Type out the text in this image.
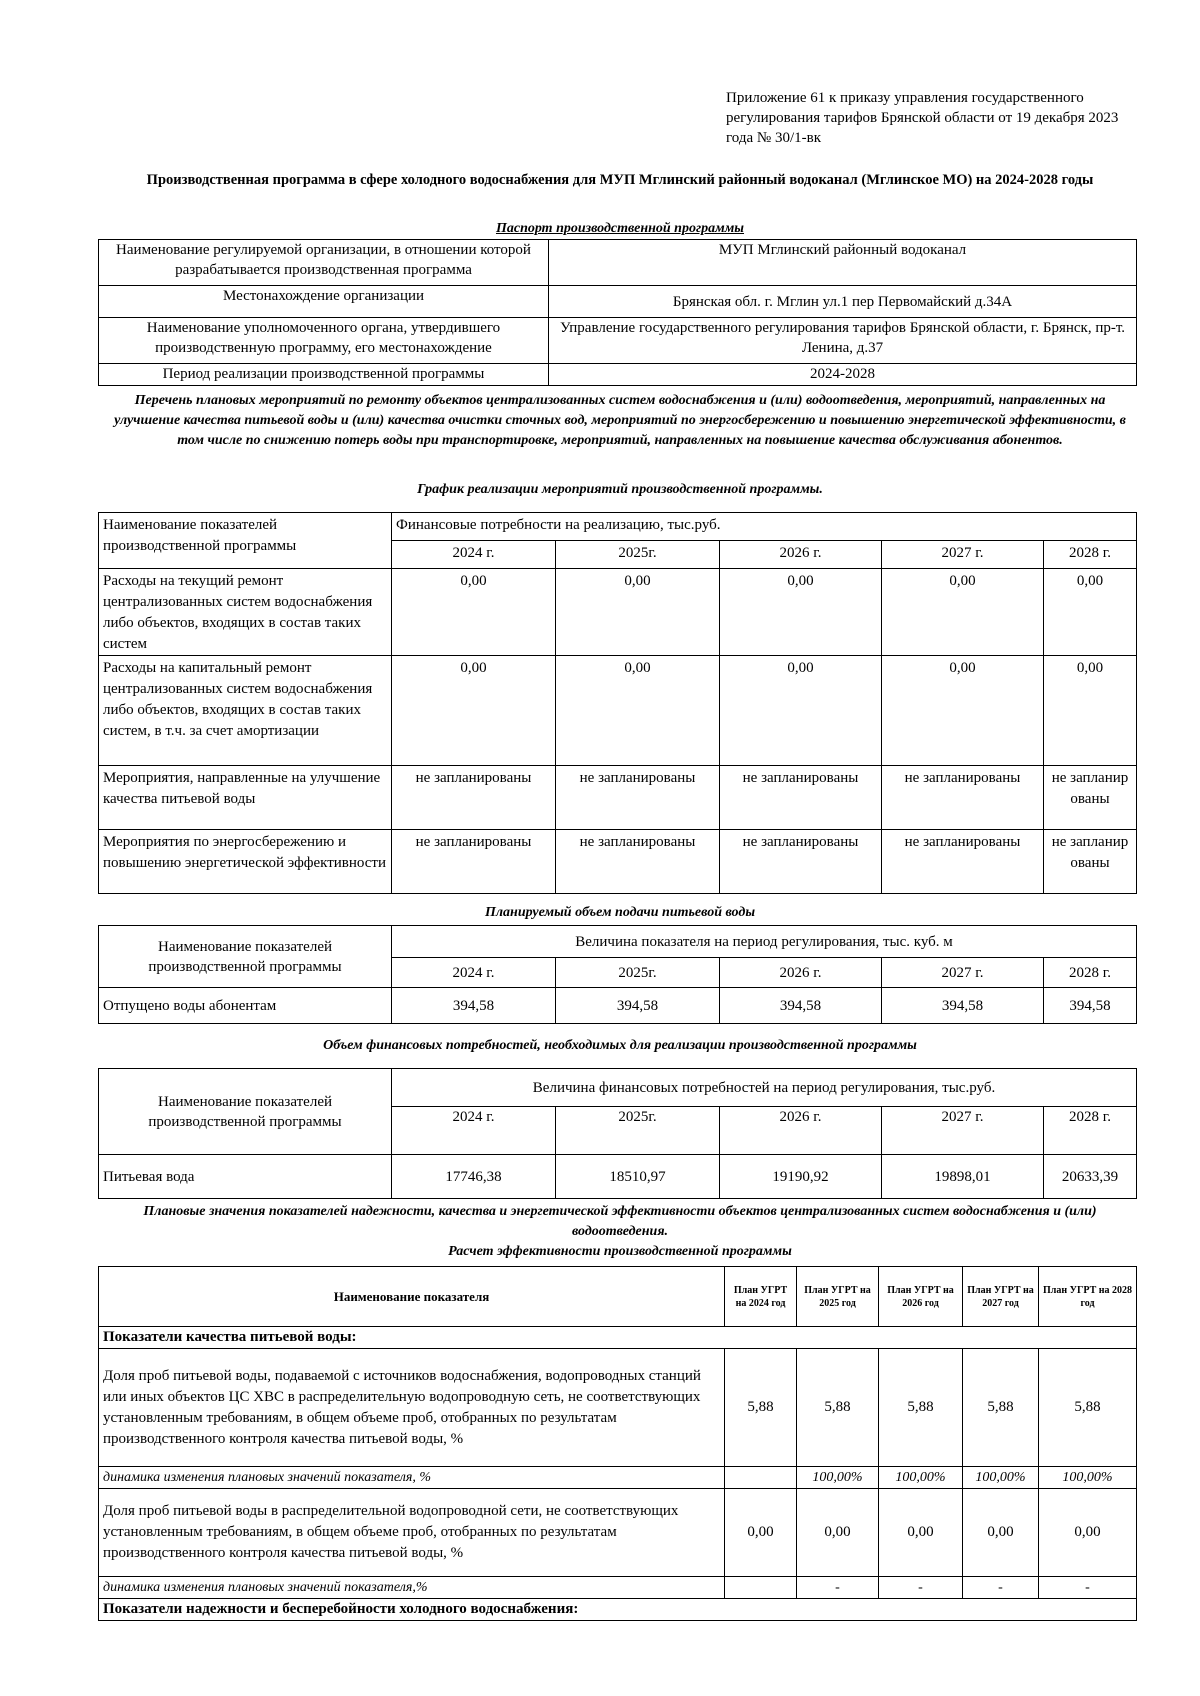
Приложение 61 к приказу управления государственного регулирования тарифов Брянской области от 19 декабря 2023 года № 30/1-вк
Производственная программа в сфере холодного водоснабжения для МУП Мглинский районный водоканал (Мглинское МО) на 2024-2028 годы
Паспорт производственной программы
Наименование регулируемой организации, в отношении которой разрабатывается производственная программа	МУП Мглинский районный водоканал
Местонахождение организации	Брянская обл. г. Мглин ул.1 пер Первомайский д.34А
Наименование уполномоченного органа, утвердившего производственную программу, его местонахождение	Управление государственного регулирования тарифов Брянской области, г. Брянск, пр-т. Ленина, д.37
Период реализации производственной программы	2024-2028
Перечень плановых мероприятий по ремонту объектов централизованных систем водоснабжения и (или) водоотведения, мероприятий, направленных на улучшение качества питьевой воды и (или) качества очистки сточных вод, мероприятий по энергосбережению и повышению энергетической эффективности, в том числе по снижению потерь воды при транспортировке, мероприятий, направленных на повышение качества обслуживания абонентов.
График реализации мероприятий производственной программы.
Наименование показателей производственной программы	Финансовые потребности на реализацию, тыс.руб.				
	2024 г.	2025г.	2026 г.	2027 г.	2028 г.
Расходы на текущий ремонт централизованных систем водоснабжения либо объектов, входящих в состав таких систем	0,00	0,00	0,00	0,00	0,00
Расходы на капитальный ремонт централизованных систем водоснабжения либо объектов, входящих в состав таких систем, в т.ч. за счет амортизации	0,00	0,00	0,00	0,00	0,00
Мероприятия, направленные на улучшение качества питьевой воды	не запланированы	не запланированы	не запланированы	не запланированы	не запланированы
Мероприятия по энергосбережению и повышению энергетической эффективности	не запланированы	не запланированы	не запланированы	не запланированы	не запланированы
Планируемый объем подачи питьевой воды
Наименование показателей производственной программы	Величина показателя на период регулирования, тыс. куб. м				
	2024 г.	2025г.	2026 г.	2027 г.	2028 г.
Отпущено воды абонентам	394,58	394,58	394,58	394,58	394,58
Объем финансовых потребностей, необходимых для реализации производственной программы
Наименование показателей производственной программы	Величина финансовых потребностей на период регулирования, тыс.руб.				
	2024 г.	2025г.	2026 г.	2027 г.	2028 г.
Питьевая вода	17746,38	18510,97	19190,92	19898,01	20633,39
Плановые значения показателей надежности, качества и энергетической эффективности объектов централизованных систем водоснабжения и (или) водоотведения.
Расчет эффективности производственной программы
Наименование показателя	План УГРТ на 2024 год	План УГРТ на 2025 год	План УГРТ на 2026 год	План УГРТ на 2027 год	План УГРТ на 2028 год
Показатели качества питьевой воды:					
Доля проб питьевой воды, подаваемой с источников водоснабжения, водопроводных станций или иных объектов ЦС ХВС в распределительную водопроводную сеть, не соответствующих установленным требованиям, в общем объеме проб, отобранных по результатам производственного контроля качества питьевой воды, %	5,88	5,88	5,88	5,88	5,88
динамика изменения плановых значений показателя, %		100,00%	100,00%	100,00%	100,00%
Доля проб питьевой воды в распределительной водопроводной сети, не соответствующих установленным требованиям, в общем объеме проб, отобранных по результатам производственного контроля качества питьевой воды, %	0,00	0,00	0,00	0,00	0,00
динамика изменения плановых значений показателя,%		-	-	-	-
Показатели надежности и бесперебойности холодного водоснабжения:					
